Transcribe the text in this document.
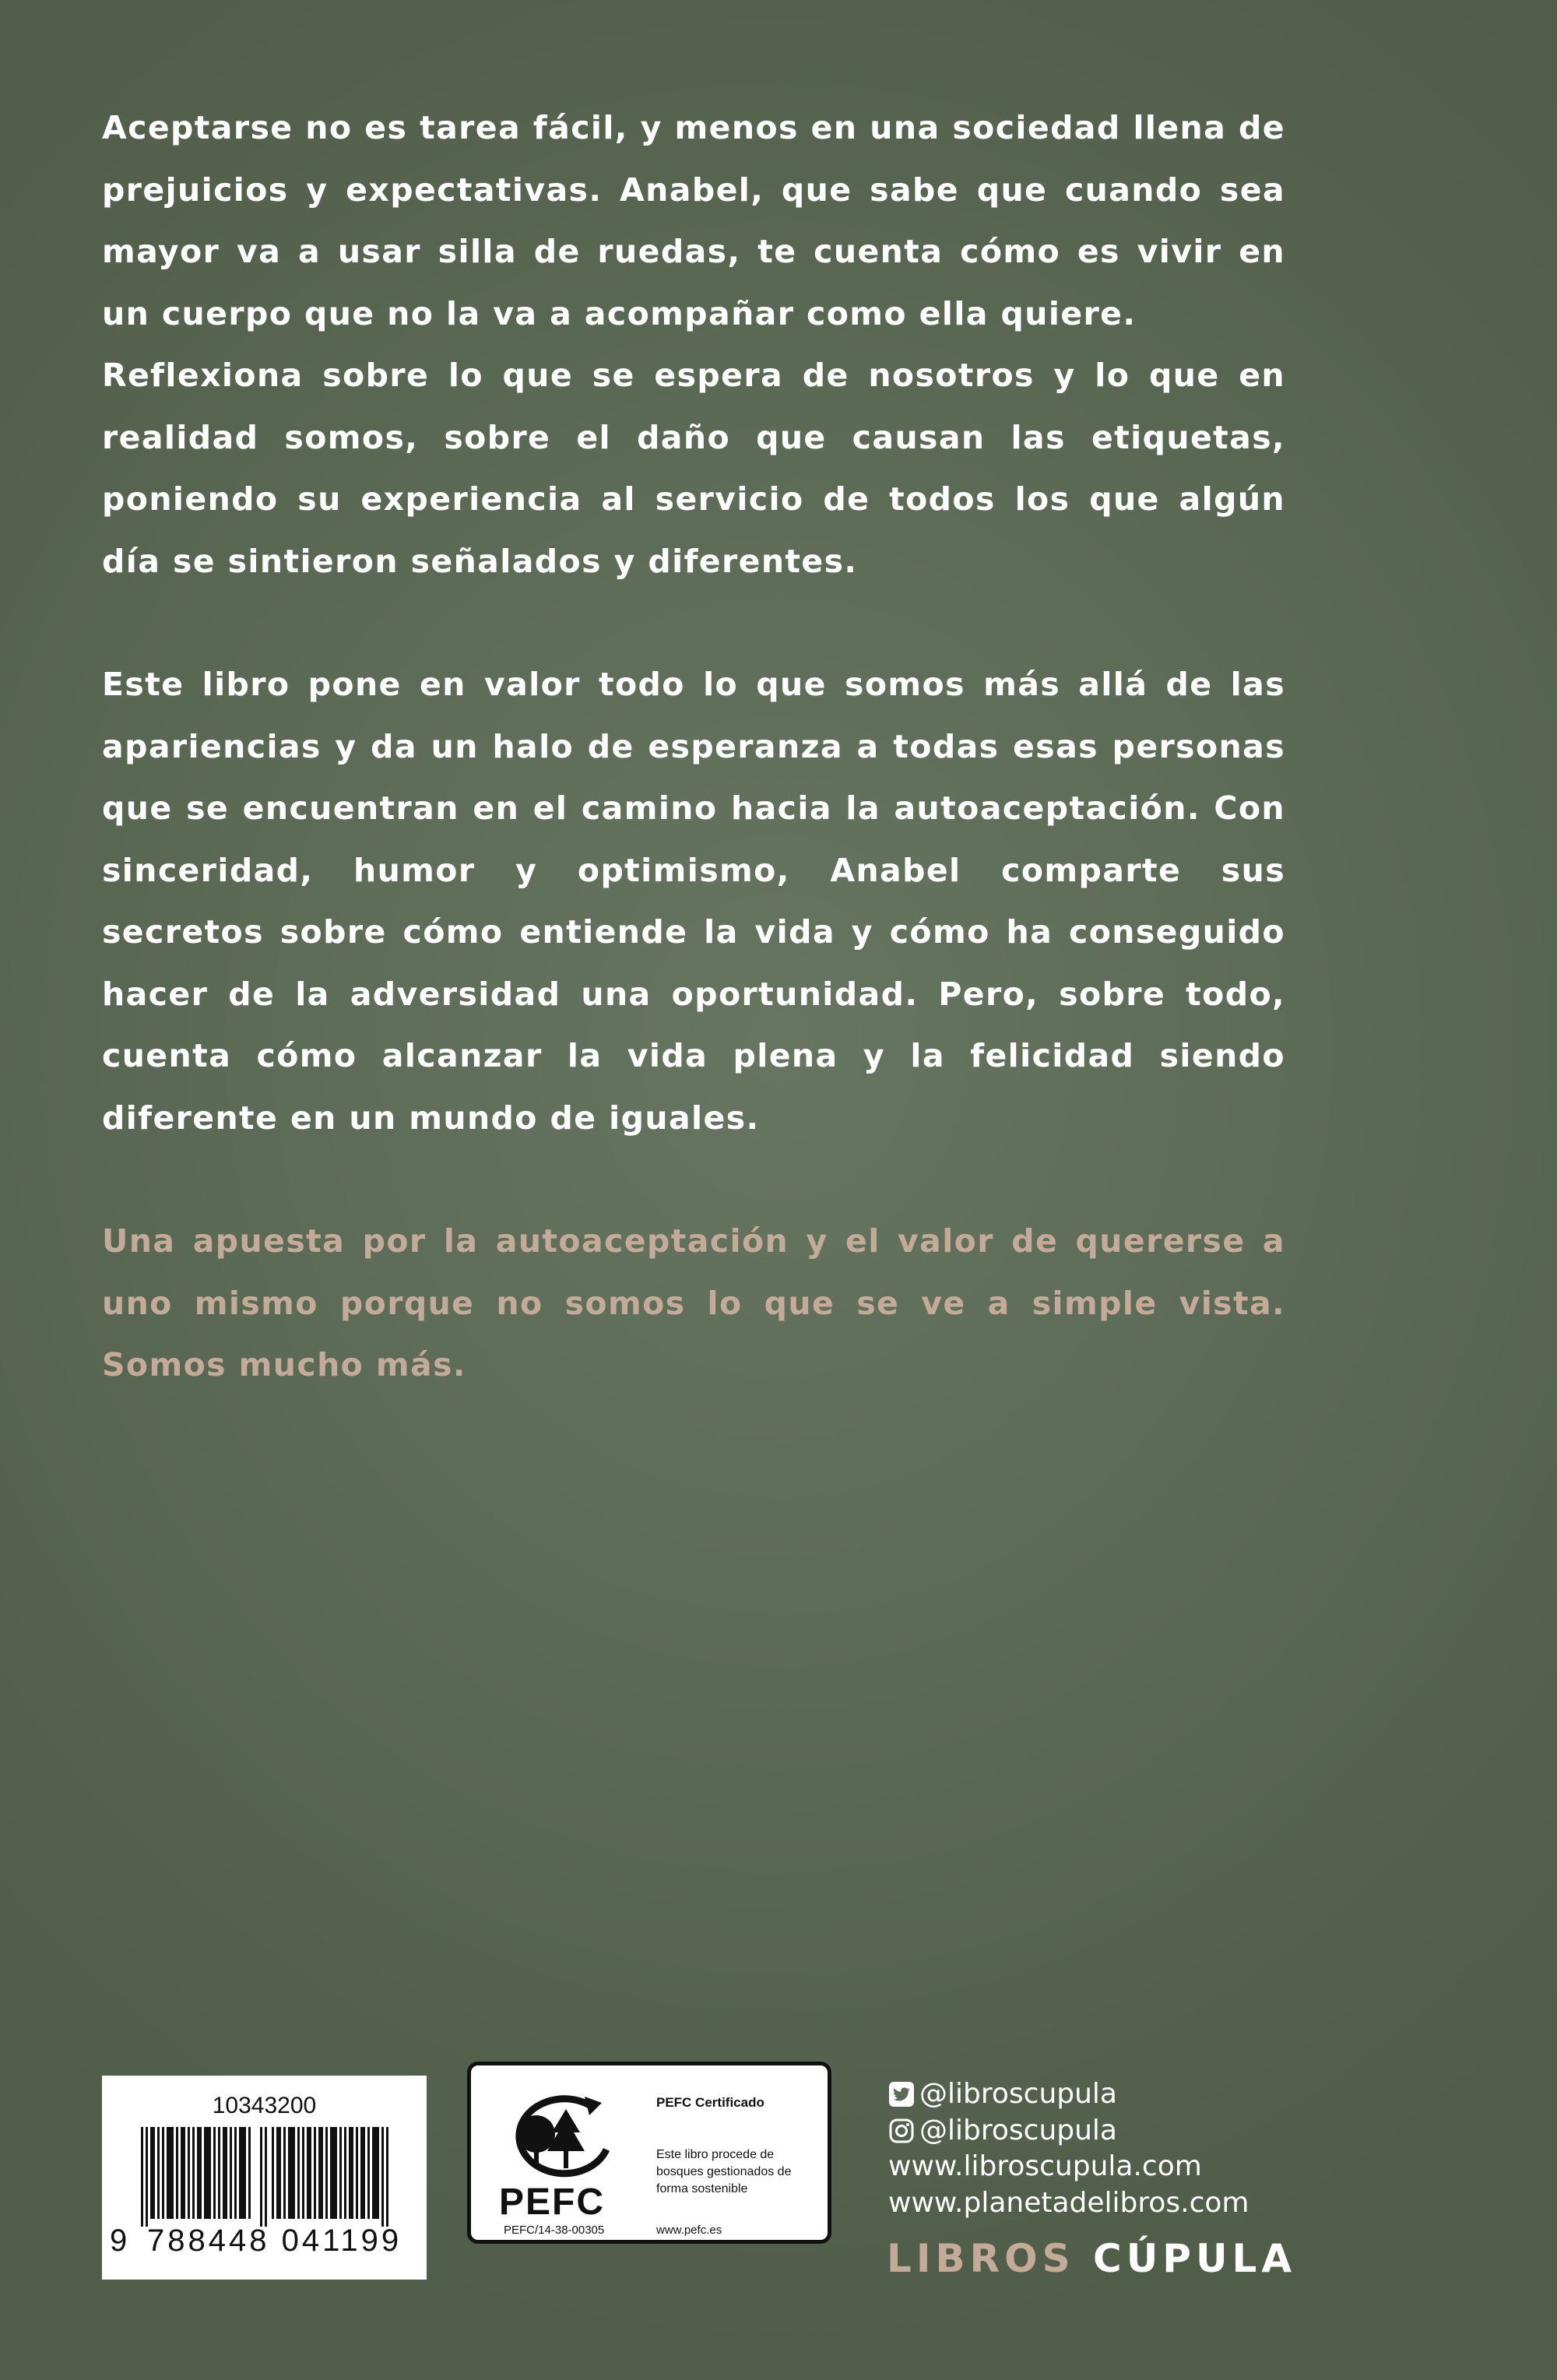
Aceptarse no es tarea fácil, y menos en una sociedad llena de prejuicios y expectativas. Anabel, que sabe que cuando sea mayor va a usar silla de ruedas, te cuenta cómo es vivir en un cuerpo que no la va a acompañar como ella quiere.

Reflexiona sobre lo que se espera de nosotros y lo que en realidad somos, sobre el daño que causan las etiquetas, poniendo su experiencia al servicio de todos los que algún día se sintieron señalados y diferentes.

Este libro pone en valor todo lo que somos más allá de las apariencias y da un halo de esperanza a todas esas personas que se encuentran en el camino hacia la autoaceptación. Con sinceridad, humor y optimismo, Anabel comparte sus secretos sobre cómo entiende la vida y cómo ha conseguido hacer de la adversidad una oportunidad. Pero, sobre todo, cuenta cómo alcanzar la vida plena y la felicidad siendo diferente en un mundo de iguales.

Una apuesta por la autoaceptación y el valor de quererse a uno mismo porque no somos lo que se ve a simple vista. Somos mucho más.

10343200
9 788448 041199
PEFC
PEFC/14-38-00305
PEFC Certificado
Este libro procede de bosques gestionados de forma sostenible
www.pefc.es
@libroscupula
@libroscupula
www.libroscupula.com
www.planetadelibros.com
LIBROS CÚPULA
